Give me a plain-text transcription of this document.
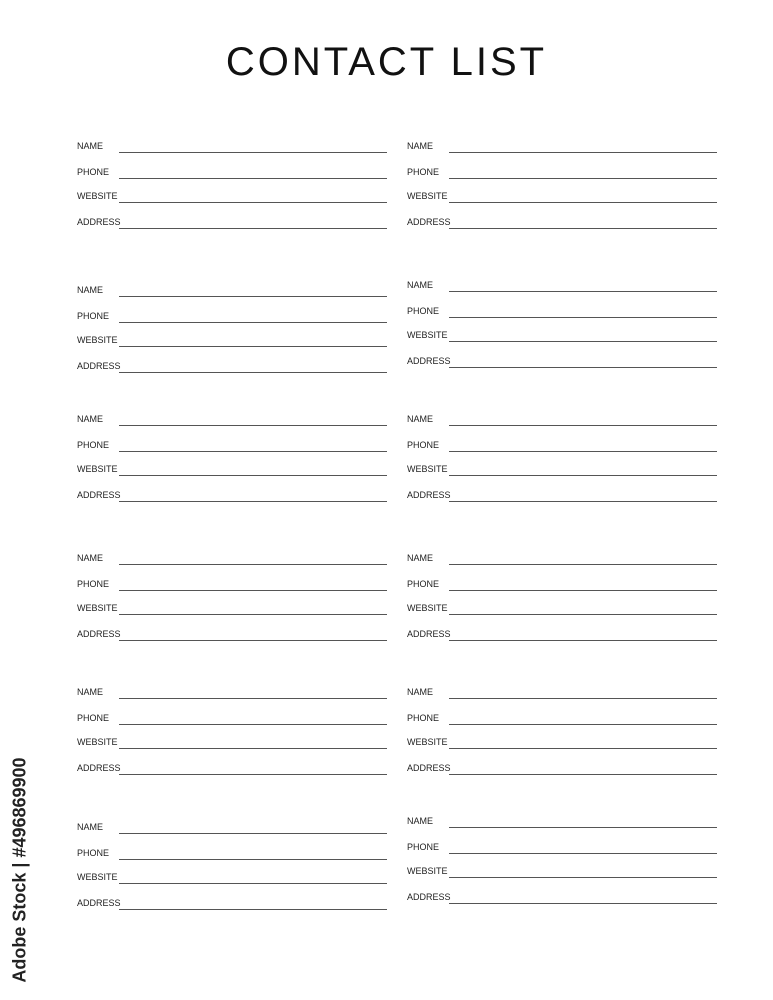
CONTACT LIST
NAME
PHONE
WEBSITE
ADDRESS
NAME
PHONE
WEBSITE
ADDRESS
NAME
PHONE
WEBSITE
ADDRESS
NAME
PHONE
WEBSITE
ADDRESS
NAME
PHONE
WEBSITE
ADDRESS
NAME
PHONE
WEBSITE
ADDRESS
NAME
PHONE
WEBSITE
ADDRESS
NAME
PHONE
WEBSITE
ADDRESS
NAME
PHONE
WEBSITE
ADDRESS
NAME
PHONE
WEBSITE
ADDRESS
NAME
PHONE
WEBSITE
ADDRESS
NAME
PHONE
WEBSITE
ADDRESS
Adobe Stock | #496869900
